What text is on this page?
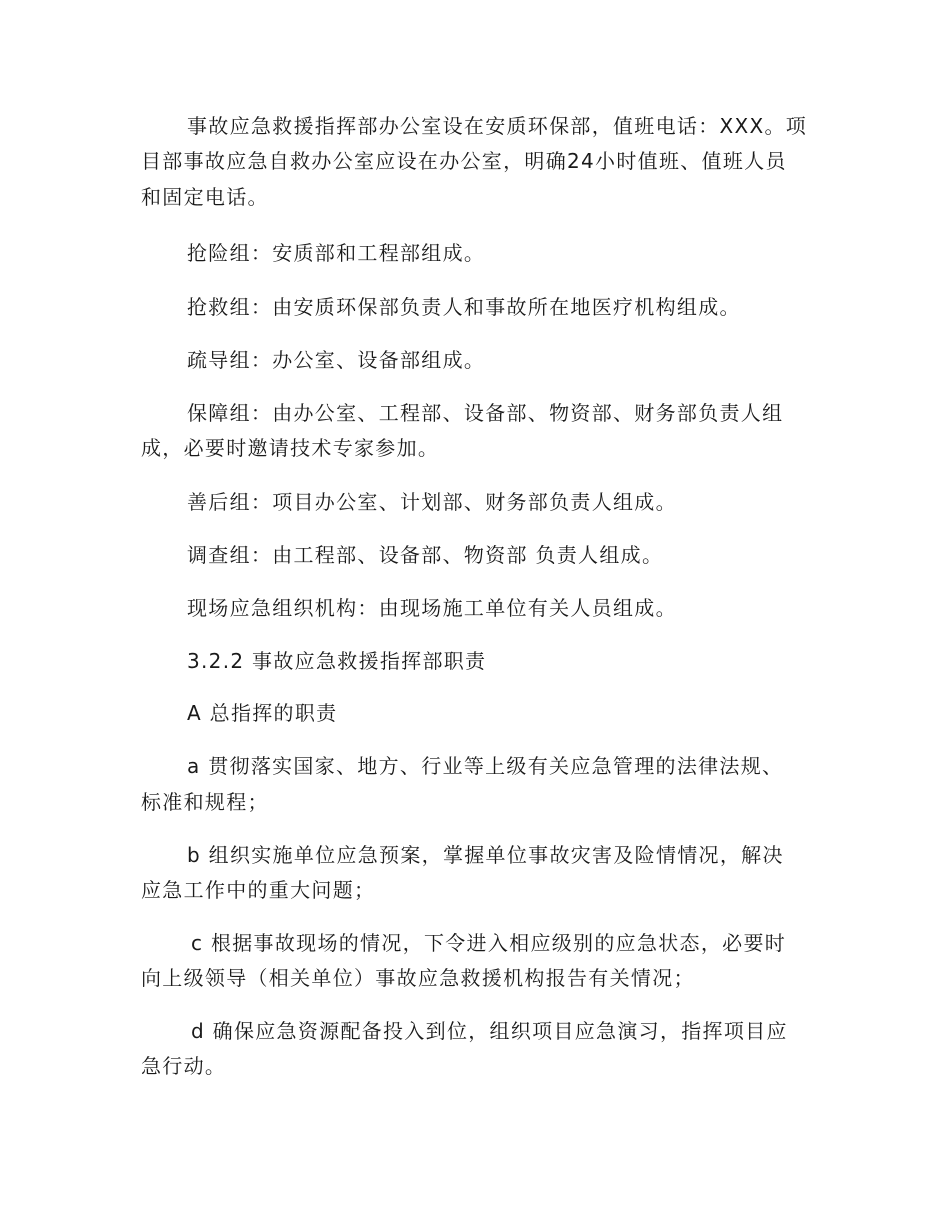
事故应急救援指挥部办公室设在安质环保部，值班电话：XXX。项

目部事故应急自救办公室应设在办公室，明确24小时值班、值班人员

和固定电话。

抢险组：安质部和工程部组成。

抢救组：由安质环保部负责人和事故所在地医疗机构组成。

疏导组：办公室、设备部组成。

保障组：由办公室、工程部、设备部、物资部、财务部负责人组

成，必要时邀请技术专家参加。

善后组：项目办公室、计划部、财务部负责人组成。

调查组：由工程部、设备部、物资部 负责人组成。

现场应急组织机构：由现场施工单位有关人员组成。

3.2.2 事故应急救援指挥部职责

A 总指挥的职责

a 贯彻落实国家、地方、行业等上级有关应急管理的法律法规、

标准和规程；

b 组织实施单位应急预案，掌握单位事故灾害及险情情况，解决

应急工作中的重大问题；

c 根据事故现场的情况，下令进入相应级别的应急状态，必要时

向上级领导（相关单位）事故应急救援机构报告有关情况；

d 确保应急资源配备投入到位，组织项目应急演习，指挥项目应

急行动。
